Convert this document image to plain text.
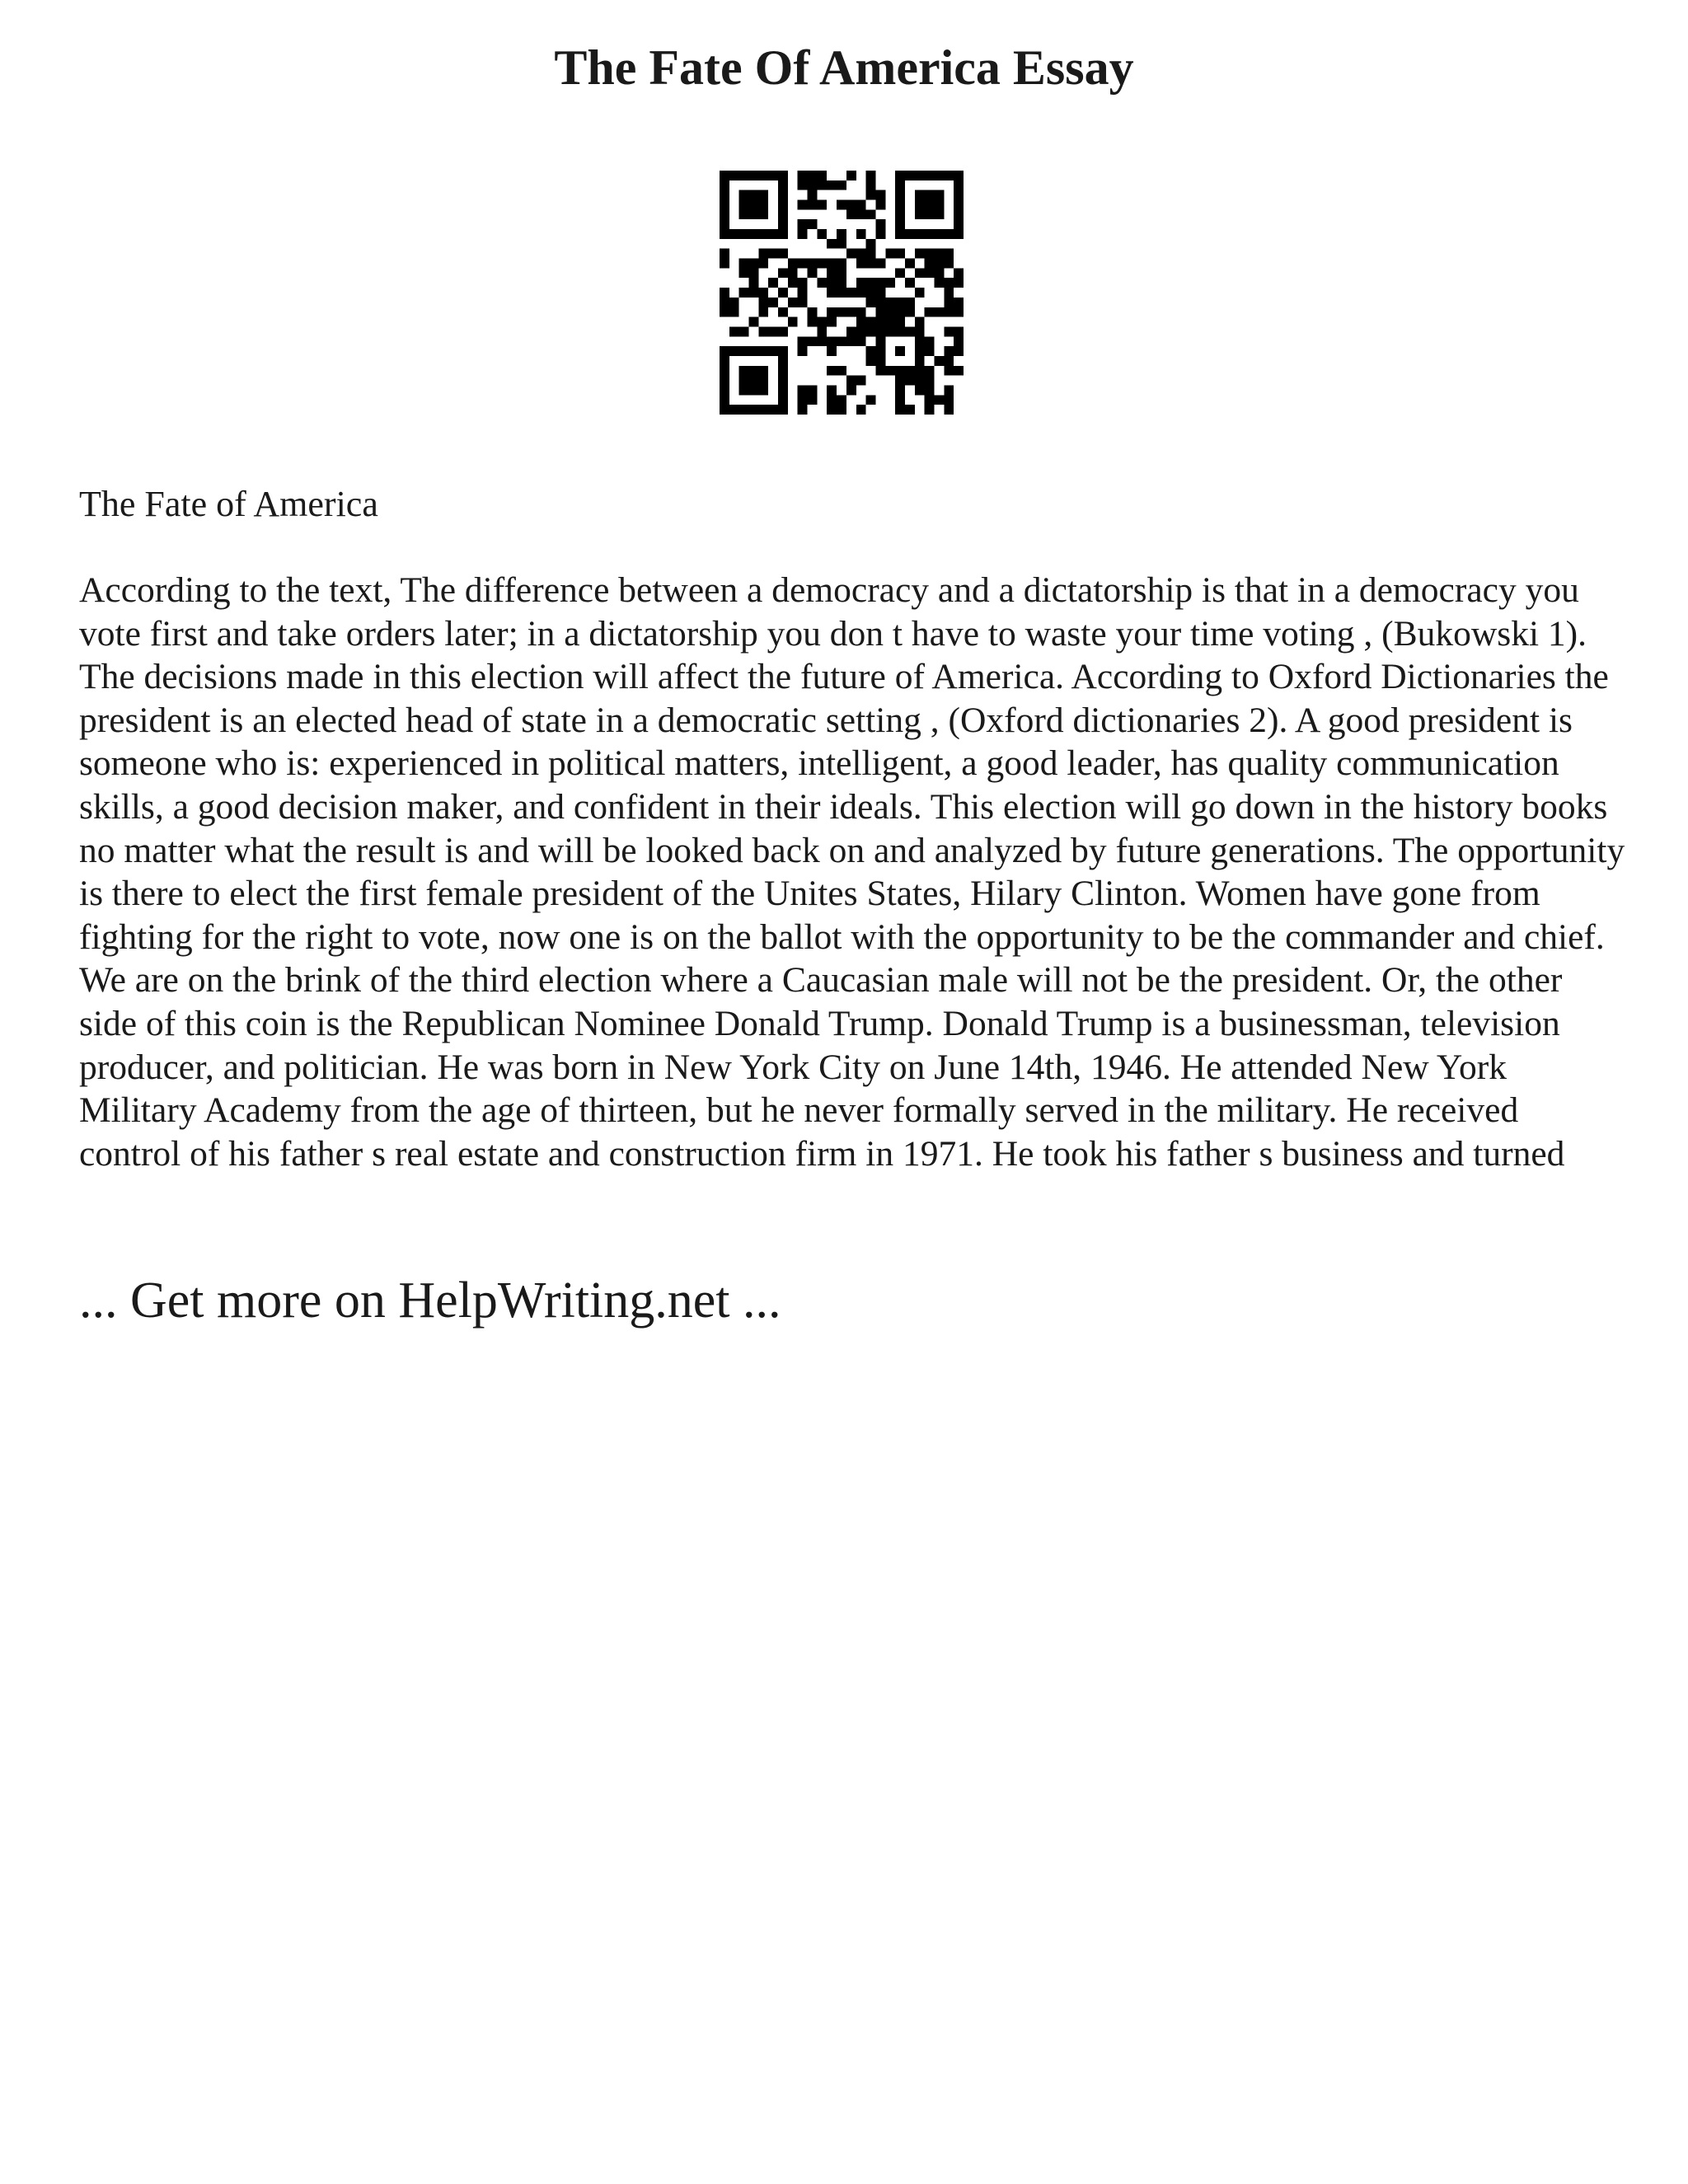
The Fate Of America Essay

The Fate of America

According to the text, The difference between a democracy and a dictatorship is that in a democracy you vote first and take orders later; in a dictatorship you don t have to waste your time voting , (Bukowski 1). The decisions made in this election will affect the future of America. According to Oxford Dictionaries the president is an elected head of state in a democratic setting , (Oxford dictionaries 2). A good president is someone who is: experienced in political matters, intelligent, a good leader, has quality communication skills, a good decision maker, and confident in their ideals. This election will go down in the history books no matter what the result is and will be looked back on and analyzed by future generations. The opportunity is there to elect the first female president of the Unites States, Hilary Clinton. Women have gone from fighting for the right to vote, now one is on the ballot with the opportunity to be the commander and chief. We are on the brink of the third election where a Caucasian male will not be the president. Or, the other side of this coin is the Republican Nominee Donald Trump. Donald Trump is a businessman, television producer, and politician. He was born in New York City on June 14th, 1946. He attended New York Military Academy from the age of thirteen, but he never formally served in the military. He received control of his father s real estate and construction firm in 1971. He took his father s business and turned

... Get more on HelpWriting.net ...
